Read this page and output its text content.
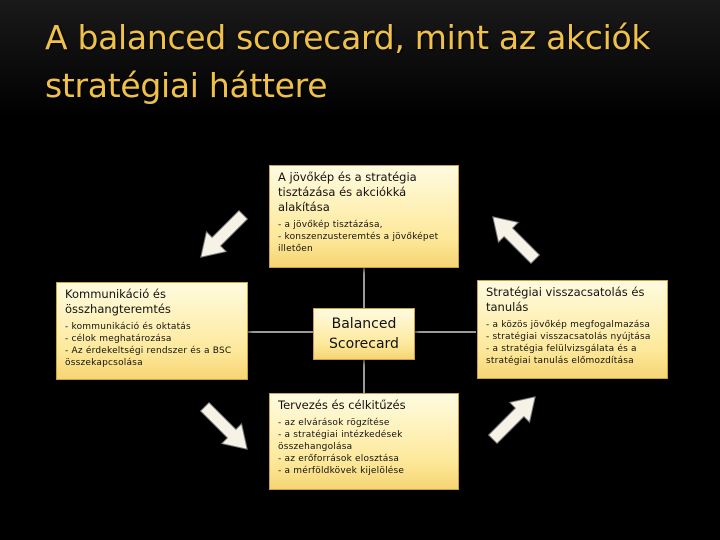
A balanced scorecard, mint az akciók stratégiai háttere
A jövőkép és a stratégia tisztázása és akciókká alakítása
- a jövőkép tisztázása,
- konszenzusteremtés a jövőképet illetően
Kommunikáció és összhangteremtés
- kommunikáció és oktatás
- célok meghatározása
- Az érdekeltségi rendszer és a BSC összekapcsolása
Balanced
Scorecard
Stratégiai visszacsatolás és tanulás
- a közös jövőkép megfogalmazása
- stratégiai visszacsatolás nyújtása
- a stratégia felülvizsgálata és a stratégiai tanulás előmozdítása
Tervezés és célkitűzés
- az elvárások rögzítése
- a stratégiai intézkedések összehangolása
- az erőforrások elosztása
- a mérföldkövek kijelölése
